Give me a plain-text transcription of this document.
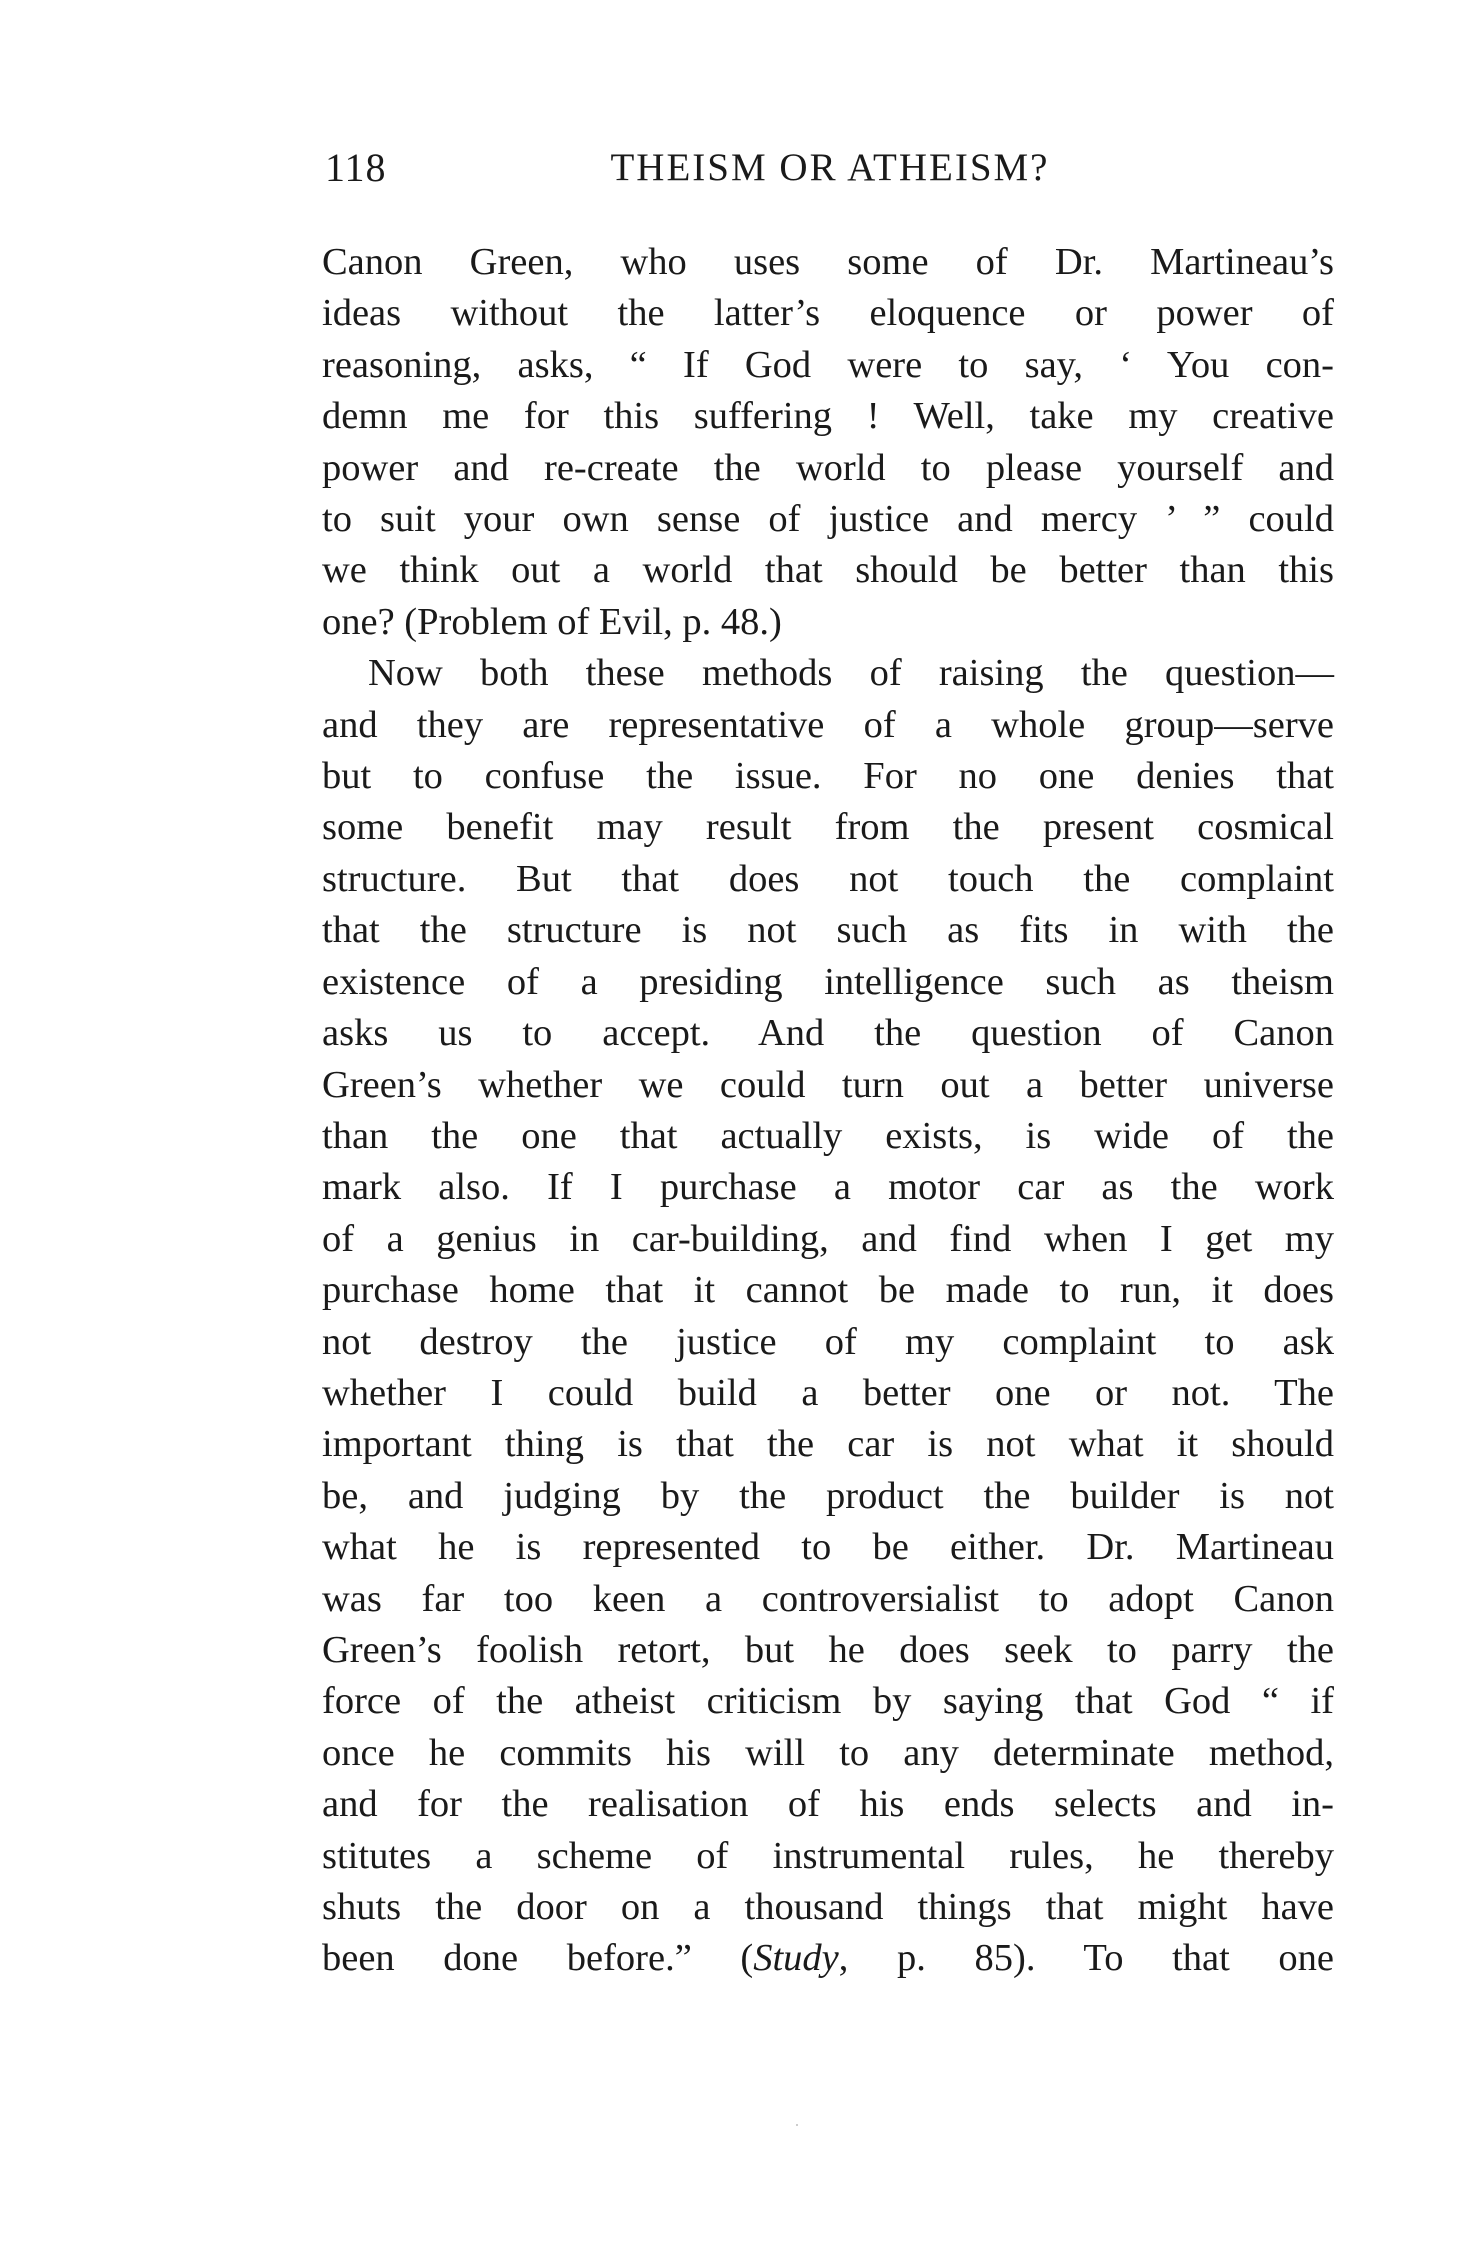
118	THEISM OR ATHEISM?

Canon Green, who uses some of Dr. Martineau’s
ideas without the latter’s eloquence or power of
reasoning, asks, “ If God were to say, ‘ You con-
demn me for this suffering ! Well, take my creative
power and re-create the world to please yourself and
to suit your own sense of justice and mercy ’ ” could
we think out a world that should be better than this
one? (Problem of Evil, p. 48.)

Now both these methods of raising the question—
and they are representative of a whole group—serve
but to confuse the issue. For no one denies that
some benefit may result from the present cosmical
structure. But that does not touch the complaint
that the structure is not such as fits in with the
existence of a presiding intelligence such as theism
asks us to accept. And the question of Canon
Green’s whether we could turn out a better universe
than the one that actually exists, is wide of the
mark also. If I purchase a motor car as the work
of a genius in car-building, and find when I get my
purchase home that it cannot be made to run, it does
not destroy the justice of my complaint to ask
whether I could build a better one or not. The
important thing is that the car is not what it should
be, and judging by the product the builder is not
what he is represented to be either. Dr. Martineau
was far too keen a controversialist to adopt Canon
Green’s foolish retort, but he does seek to parry the
force of the atheist criticism by saying that God “ if
once he commits his will to any determinate method,
and for the realisation of his ends selects and in-
stitutes a scheme of instrumental rules, he thereby
shuts the door on a thousand things that might have
been done before.” (Study, p. 85). To that one
